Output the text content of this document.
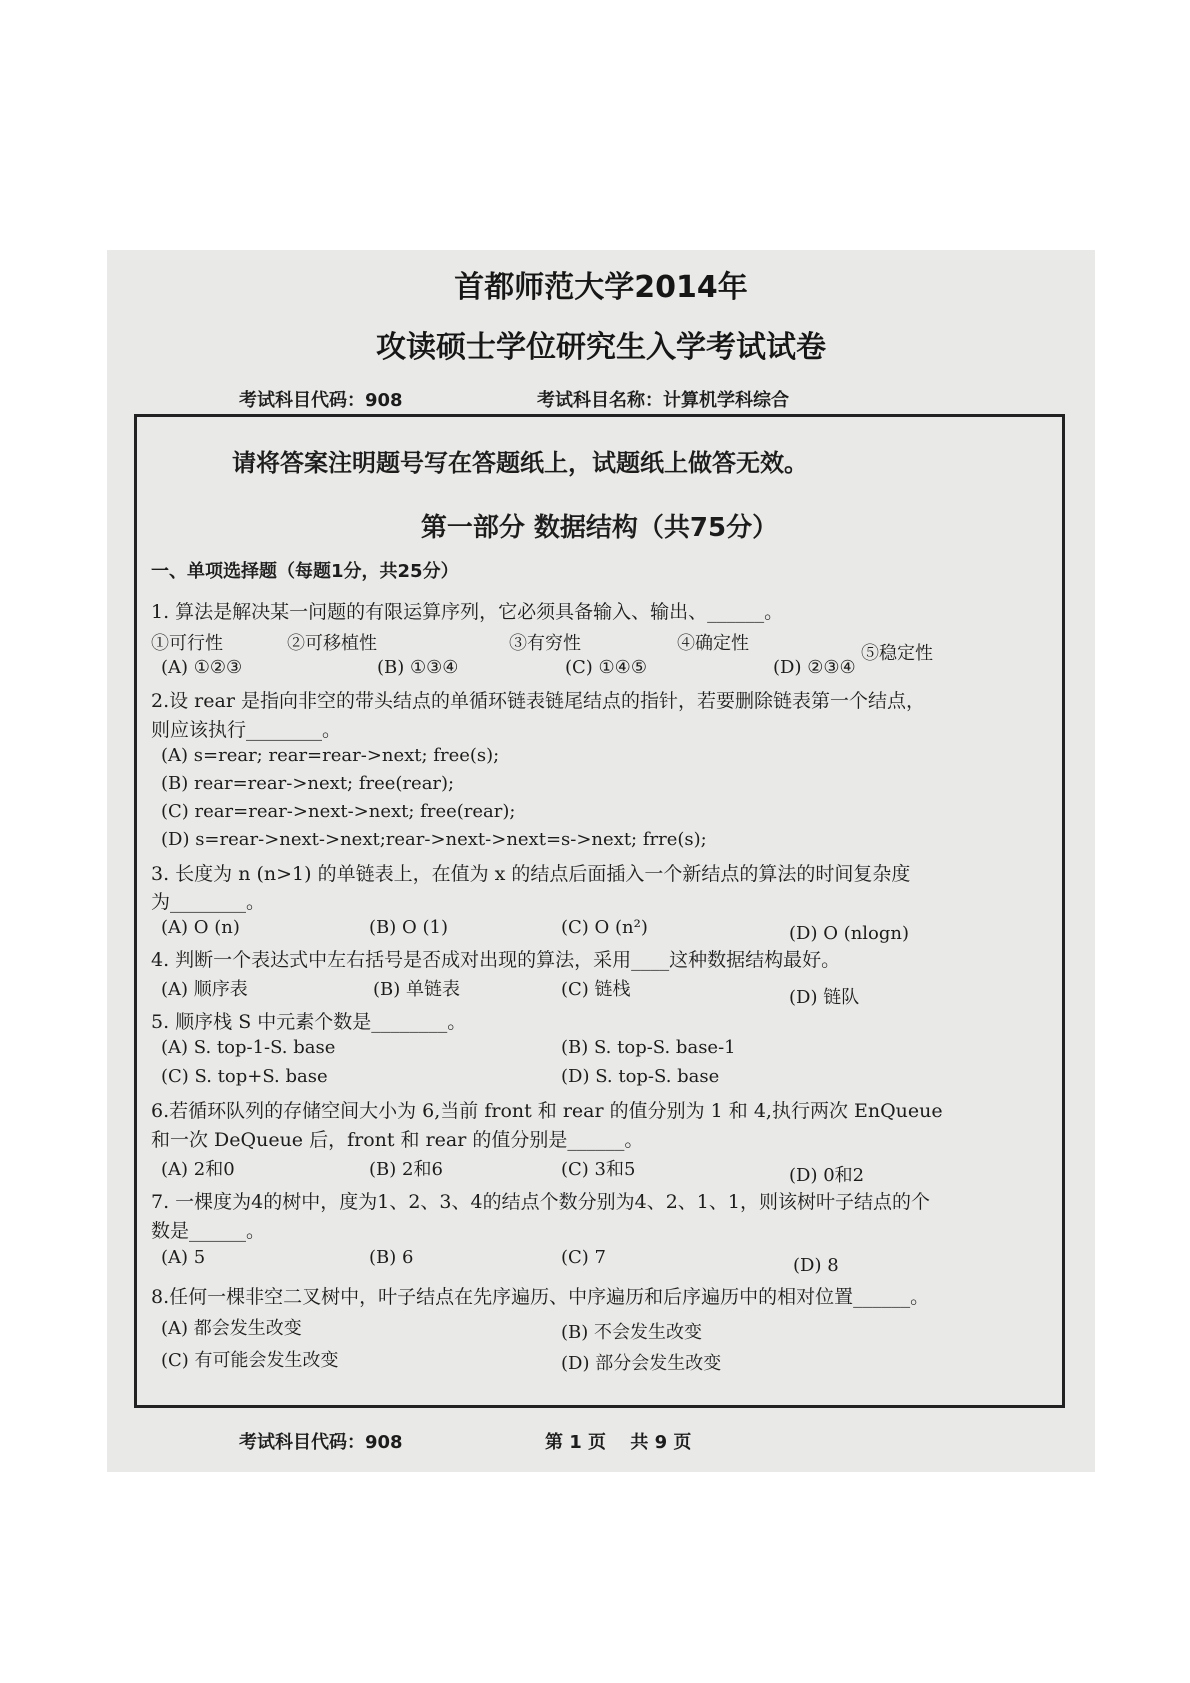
首都师范大学2014年
攻读硕士学位研究生入学考试试卷
考试科目代码：908	考试科目名称：计算机学科综合
请将答案注明题号写在答题纸上，试题纸上做答无效。
第一部分 数据结构（共75分）
一、单项选择题（每题1分，共25分）
1. 算法是解决某一问题的有限运算序列，它必须具备输入、输出、______。
①可行性	②可移植性	③有穷性	④确定性	⑤稳定性
(A) ①②③	(B) ①③④	(C) ①④⑤	(D) ②③④
2.设 rear 是指向非空的带头结点的单循环链表链尾结点的指针，若要删除链表第一个结点，
则应该执行________。
(A) s=rear; rear=rear->next; free(s);
(B) rear=rear->next; free(rear);
(C) rear=rear->next->next; free(rear);
(D) s=rear->next->next;rear->next->next=s->next; frre(s);
3. 长度为 n (n>1) 的单链表上，在值为 x 的结点后面插入一个新结点的算法的时间复杂度
为________。
(A) O (n)	(B) O (1)	(C) O (n²)	(D) O (nlogn)
4. 判断一个表达式中左右括号是否成对出现的算法，采用____这种数据结构最好。
(A) 顺序表	(B) 单链表	(C) 链栈	(D) 链队
5. 顺序栈 S 中元素个数是________。
(A) S. top-1-S. base	(B) S. top-S. base-1
(C) S. top+S. base	(D) S. top-S. base
6.若循环队列的存储空间大小为 6,当前 front 和 rear 的值分别为 1 和 4,执行两次 EnQueue
和一次 DeQueue 后，front 和 rear 的值分别是______。
(A) 2和0	(B) 2和6	(C) 3和5	(D) 0和2
7. 一棵度为4的树中，度为1、2、3、4的结点个数分别为4、2、1、1，则该树叶子结点的个
数是______。
(A) 5	(B) 6	(C) 7	(D) 8
8.任何一棵非空二叉树中，叶子结点在先序遍历、中序遍历和后序遍历中的相对位置______。
(A) 都会发生改变	(B) 不会发生改变
(C) 有可能会发生改变	(D) 部分会发生改变
考试科目代码：908	第 1 页　 共 9 页
